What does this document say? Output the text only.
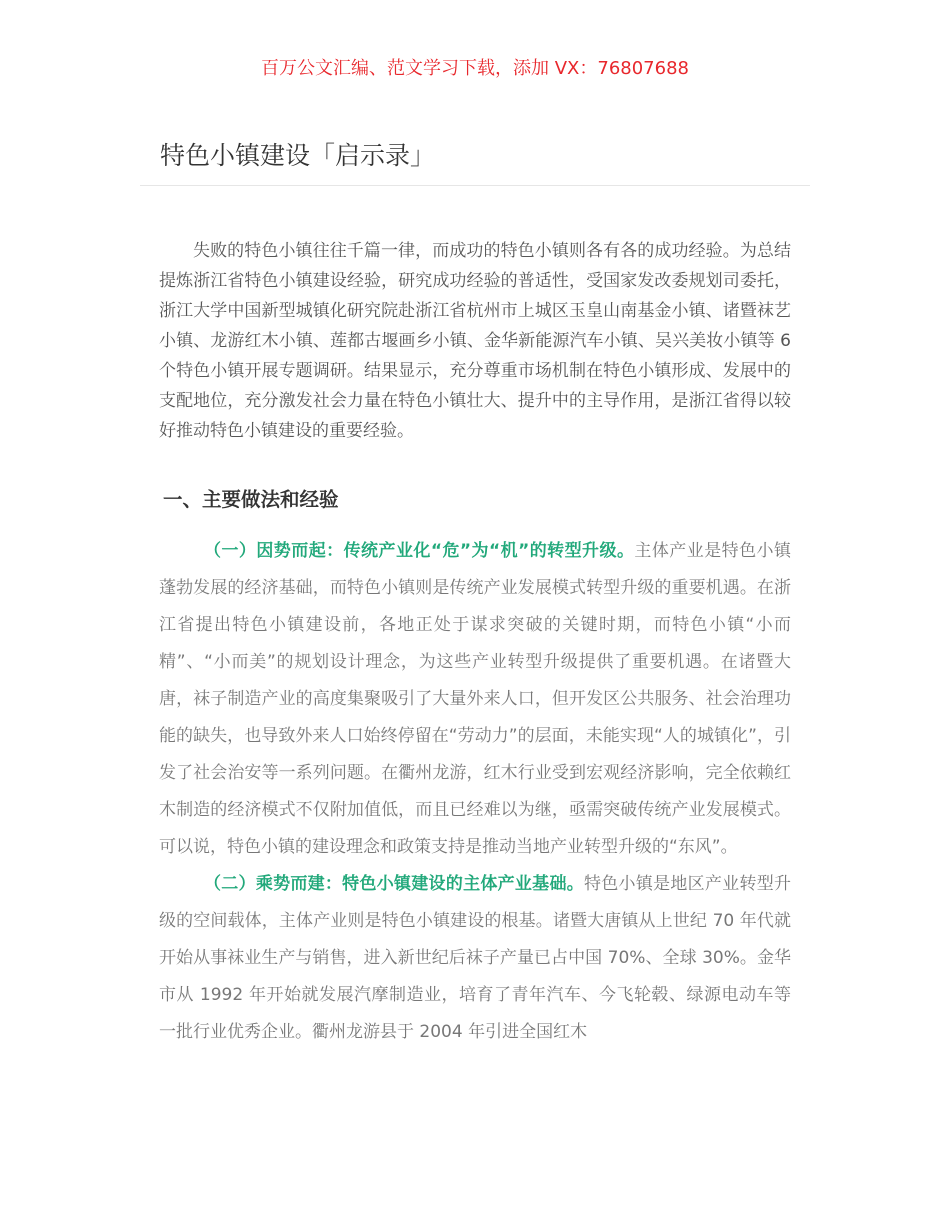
百万公文汇编、范文学习下载，添加 VX：76807688
特色小镇建设「启示录」

失败的特色小镇往往千篇一律，而成功的特色小镇则各有各的成功经验。为总结提炼浙江省特色小镇建设经验，研究成功经验的普适性，受国家发改委规划司委托，浙江大学中国新型城镇化研究院赴浙江省杭州市上城区玉皇山南基金小镇、诸暨袜艺小镇、龙游红木小镇、莲都古堰画乡小镇、金华新能源汽车小镇、吴兴美妆小镇等 6 个特色小镇开展专题调研。结果显示，充分尊重市场机制在特色小镇形成、发展中的支配地位，充分激发社会力量在特色小镇壮大、提升中的主导作用，是浙江省得以较好推动特色小镇建设的重要经验。

一、主要做法和经验

（一）因势而起：传统产业化“危”为“机”的转型升级。主体产业是特色小镇蓬勃发展的经济基础，而特色小镇则是传统产业发展模式转型升级的重要机遇。在浙江省提出特色小镇建设前，各地正处于谋求突破的关键时期，而特色小镇“小而精”、“小而美”的规划设计理念，为这些产业转型升级提供了重要机遇。在诸暨大唐，袜子制造产业的高度集聚吸引了大量外来人口，但开发区公共服务、社会治理功能的缺失，也导致外来人口始终停留在“劳动力”的层面，未能实现“人的城镇化”，引发了社会治安等一系列问题。在衢州龙游，红木行业受到宏观经济影响，完全依赖红木制造的经济模式不仅附加值低，而且已经难以为继，亟需突破传统产业发展模式。可以说，特色小镇的建设理念和政策支持是推动当地产业转型升级的“东风”。

（二）乘势而建：特色小镇建设的主体产业基础。特色小镇是地区产业转型升级的空间载体，主体产业则是特色小镇建设的根基。诸暨大唐镇从上世纪 70 年代就开始从事袜业生产与销售，进入新世纪后袜子产量已占中国 70%、全球 30%。金华市从 1992 年开始就发展汽摩制造业，培育了青年汽车、今飞轮毂、绿源电动车等一批行业优秀企业。衢州龙游县于 2004 年引进全国红木
